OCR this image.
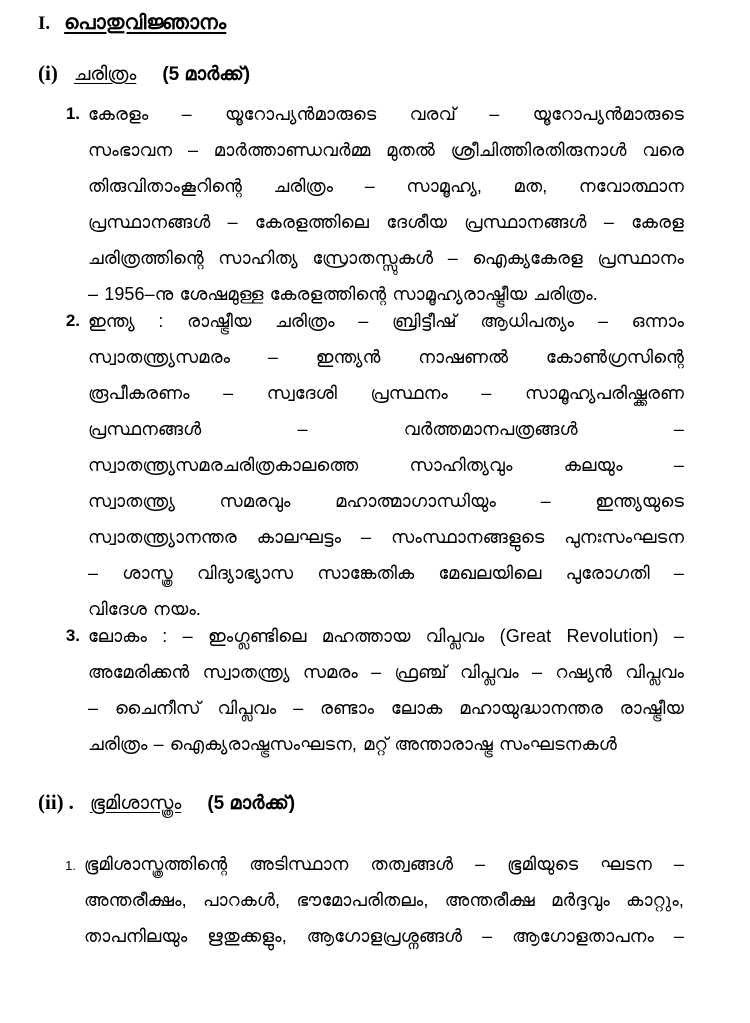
I. പൊതുവിജ്ഞാനം
(i) ചരിത്രം (5 മാർക്ക്)
1. കേരളം – യൂറോപ്യൻമാരുടെ വരവ് – യൂറോപ്യൻമാരുടെ
സംഭാവന – മാർത്താണ്ഡവർമ്മ മുതൽ ശ്രീചിത്തിരതിരുനാൾ വരെ
തിരുവിതാംകൂറിന്റെ ചരിത്രം – സാമൂഹ്യ, മത, നവോത്ഥാന
പ്രസ്ഥാനങ്ങൾ – കേരളത്തിലെ ദേശീയ പ്രസ്ഥാനങ്ങൾ – കേരള
ചരിത്രത്തിന്റെ സാഹിത്യ സ്രോതസ്സുകൾ – ഐക്യകേരള പ്രസ്ഥാനം
– 1956–നു ശേഷമുള്ള കേരളത്തിന്റെ സാമൂഹ്യരാഷ്ട്രീയ ചരിത്രം.
2. ഇന്ത്യ : രാഷ്ട്രീയ ചരിത്രം – ബ്രിട്ടീഷ് ആധിപത്യം – ഒന്നാം
സ്വാതന്ത്ര്യസമരം – ഇന്ത്യൻ നാഷണൽ കോൺഗ്രസിന്റെ
രൂപീകരണം – സ്വദേശി പ്രസ്ഥനം – സാമൂഹ്യപരിഷ്ക്കരണ
പ്രസ്ഥനങ്ങൾ – വർത്തമാനപത്രങ്ങൾ –
സ്വാതന്ത്ര്യസമരചരിത്രകാലത്തെ സാഹിത്യവും കലയും –
സ്വാതന്ത്ര്യ സമരവും മഹാത്മാഗാന്ധിയും – ഇന്ത്യയുടെ
സ്വാതന്ത്ര്യാനന്തര കാലഘട്ടം – സംസ്ഥാനങ്ങളുടെ പുനഃസംഘടന
– ശാസ്ത്ര വിദ്യാഭ്യാസ സാങ്കേതിക മേഖലയിലെ പുരോഗതി –
വിദേശ നയം.
3. ലോകം : – ഇംഗ്ലണ്ടിലെ മഹത്തായ വിപ്ലവം (Great Revolution) –
അമേരിക്കൻ സ്വാതന്ത്ര്യ സമരം – ഫ്രഞ്ച് വിപ്ലവം – റഷ്യൻ വിപ്ലവം
– ചൈനീസ് വിപ്ലവം – രണ്ടാം ലോക മഹായുദ്ധാനന്തര രാഷ്ട്രീയ
ചരിത്രം – ഐക്യരാഷ്ട്രസംഘടന, മറ്റ് അന്താരാഷ്ട്ര സംഘടനകൾ
(ii) . ഭൂമിശാസ്ത്രം (5 മാർക്ക്)
1. ഭൂമിശാസ്ത്രത്തിന്റെ അടിസ്ഥാന തത്വങ്ങൾ – ഭൂമിയുടെ ഘടന –
അന്തരീക്ഷം, പാറകൾ, ഭൗമോപരിതലം, അന്തരീക്ഷ മർദ്ദവും കാറ്റും,
താപനിലയും ഋതുക്കളും, ആഗോളപ്രശ്നങ്ങൾ – ആഗോളതാപനം –
